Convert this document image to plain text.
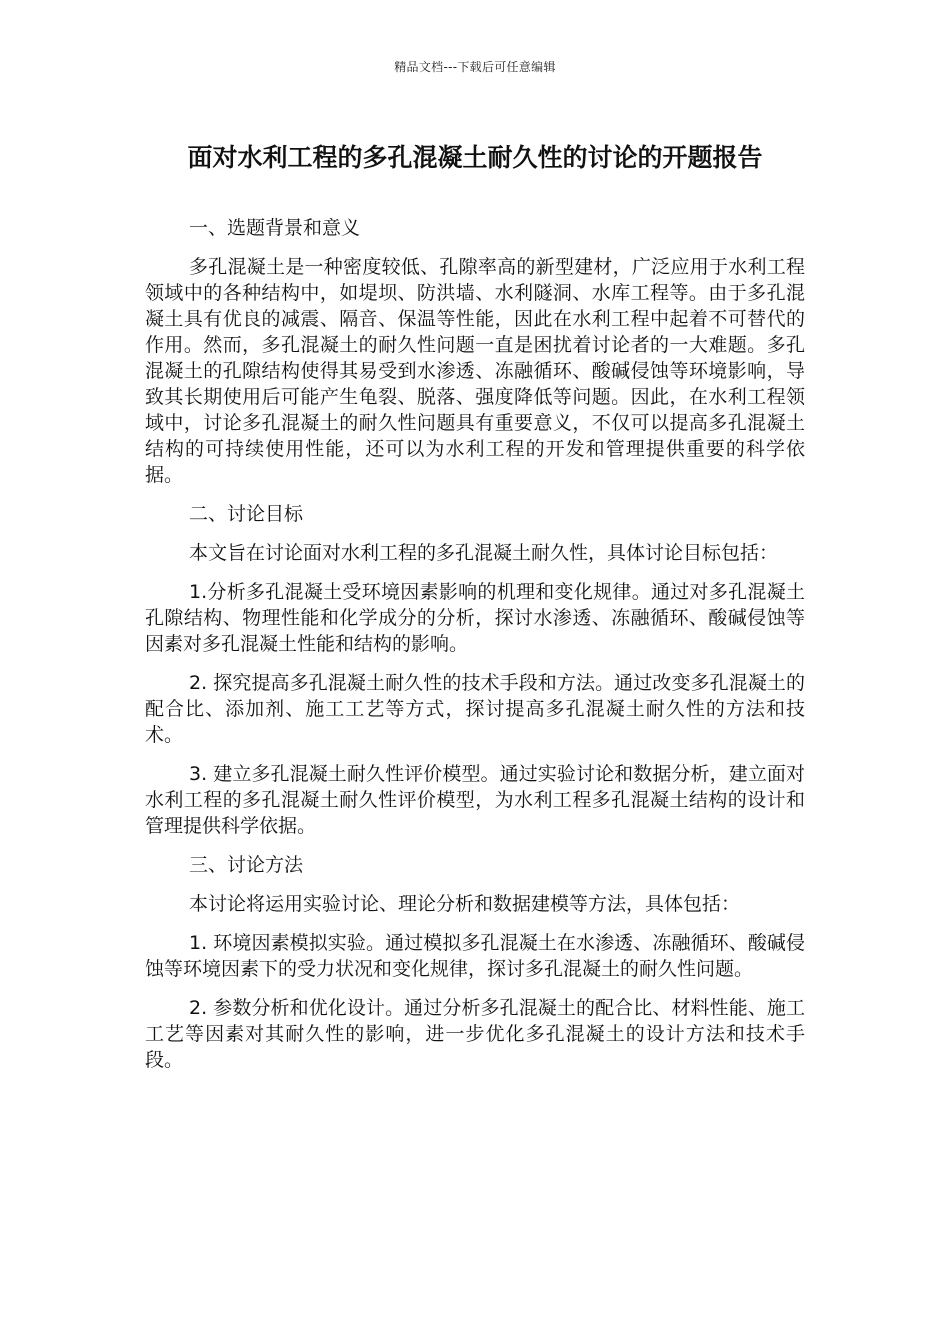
精品文档---下载后可任意编辑
面对水利工程的多孔混凝土耐久性的讨论的开题报告

一、选题背景和意义

多孔混凝土是一种密度较低、孔隙率高的新型建材，广泛应用于水利工程领域中的各种结构中，如堤坝、防洪墙、水利隧洞、水库工程等。由于多孔混凝土具有优良的减震、隔音、保温等性能，因此在水利工程中起着不可替代的作用。然而，多孔混凝土的耐久性问题一直是困扰着讨论者的一大难题。多孔混凝土的孔隙结构使得其易受到水渗透、冻融循环、酸碱侵蚀等环境影响，导致其长期使用后可能产生龟裂、脱落、强度降低等问题。因此，在水利工程领域中，讨论多孔混凝土的耐久性问题具有重要意义，不仅可以提高多孔混凝土结构的可持续使用性能，还可以为水利工程的开发和管理提供重要的科学依据。

二、讨论目标

本文旨在讨论面对水利工程的多孔混凝土耐久性，具体讨论目标包括：

1.分析多孔混凝土受环境因素影响的机理和变化规律。通过对多孔混凝土孔隙结构、物理性能和化学成分的分析，探讨水渗透、冻融循环、酸碱侵蚀等因素对多孔混凝土性能和结构的影响。

2. 探究提高多孔混凝土耐久性的技术手段和方法。通过改变多孔混凝土的配合比、添加剂、施工工艺等方式，探讨提高多孔混凝土耐久性的方法和技术。

3. 建立多孔混凝土耐久性评价模型。通过实验讨论和数据分析，建立面对水利工程的多孔混凝土耐久性评价模型，为水利工程多孔混凝土结构的设计和管理提供科学依据。

三、讨论方法

本讨论将运用实验讨论、理论分析和数据建模等方法，具体包括：

1. 环境因素模拟实验。通过模拟多孔混凝土在水渗透、冻融循环、酸碱侵蚀等环境因素下的受力状况和变化规律，探讨多孔混凝土的耐久性问题。

2. 参数分析和优化设计。通过分析多孔混凝土的配合比、材料性能、施工工艺等因素对其耐久性的影响，进一步优化多孔混凝土的设计方法和技术手段。
